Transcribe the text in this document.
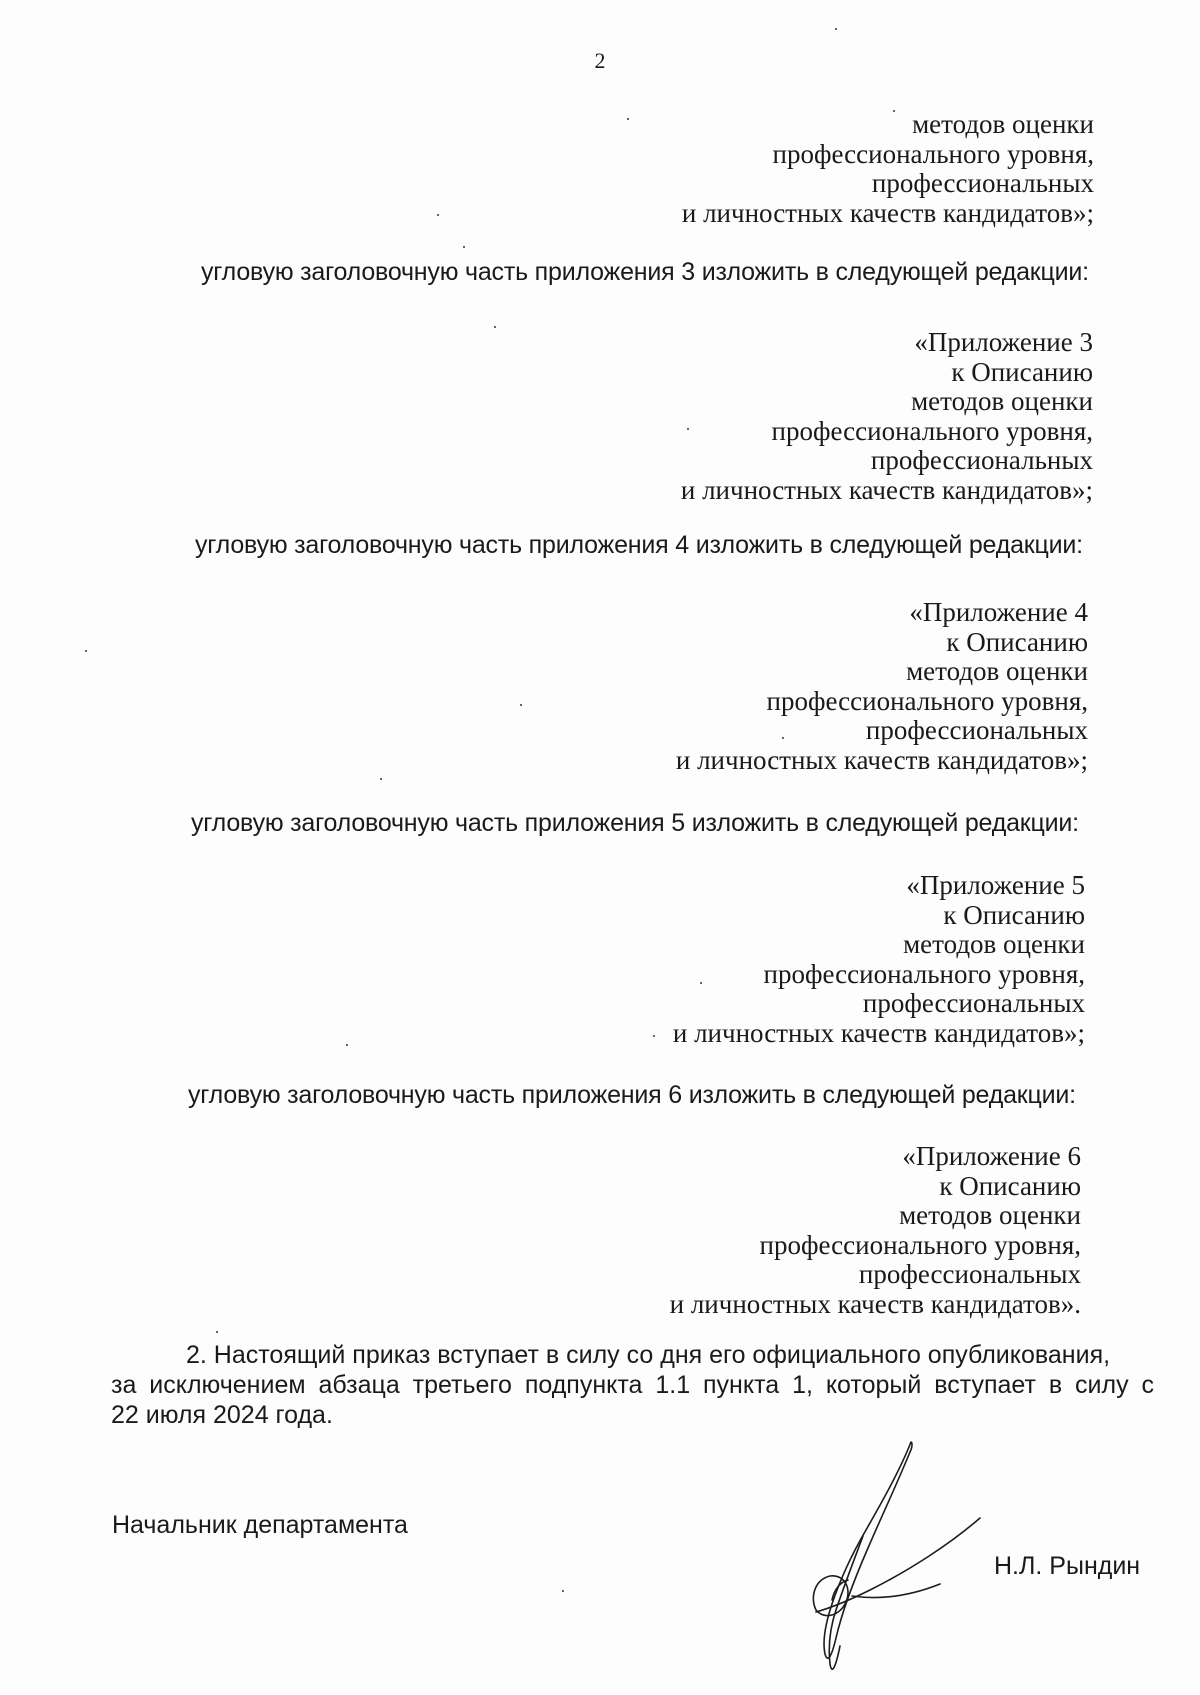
2
методов оценки
профессионального уровня,
профессиональных
и личностных качеств кандидатов»;
угловую заголовочную часть приложения 3 изложить в следующей редакции:
«Приложение 3
к Описанию
методов оценки
профессионального уровня,
профессиональных
и личностных качеств кандидатов»;
угловую заголовочную часть приложения 4 изложить в следующей редакции:
«Приложение 4
к Описанию
методов оценки
профессионального уровня,
профессиональных
и личностных качеств кандидатов»;
угловую заголовочную часть приложения 5 изложить в следующей редакции:
«Приложение 5
к Описанию
методов оценки
профессионального уровня,
профессиональных
и личностных качеств кандидатов»;
угловую заголовочную часть приложения 6 изложить в следующей редакции:
«Приложение 6
к Описанию
методов оценки
профессионального уровня,
профессиональных
и личностных качеств кандидатов».
2. Настоящий приказ вступает в силу со дня его официального опубликования,
за исключением абзаца третьего подпункта 1.1 пункта 1, который вступает в силу с
22 июля 2024 года.
Начальник департамента
Н.Л. Рындин
